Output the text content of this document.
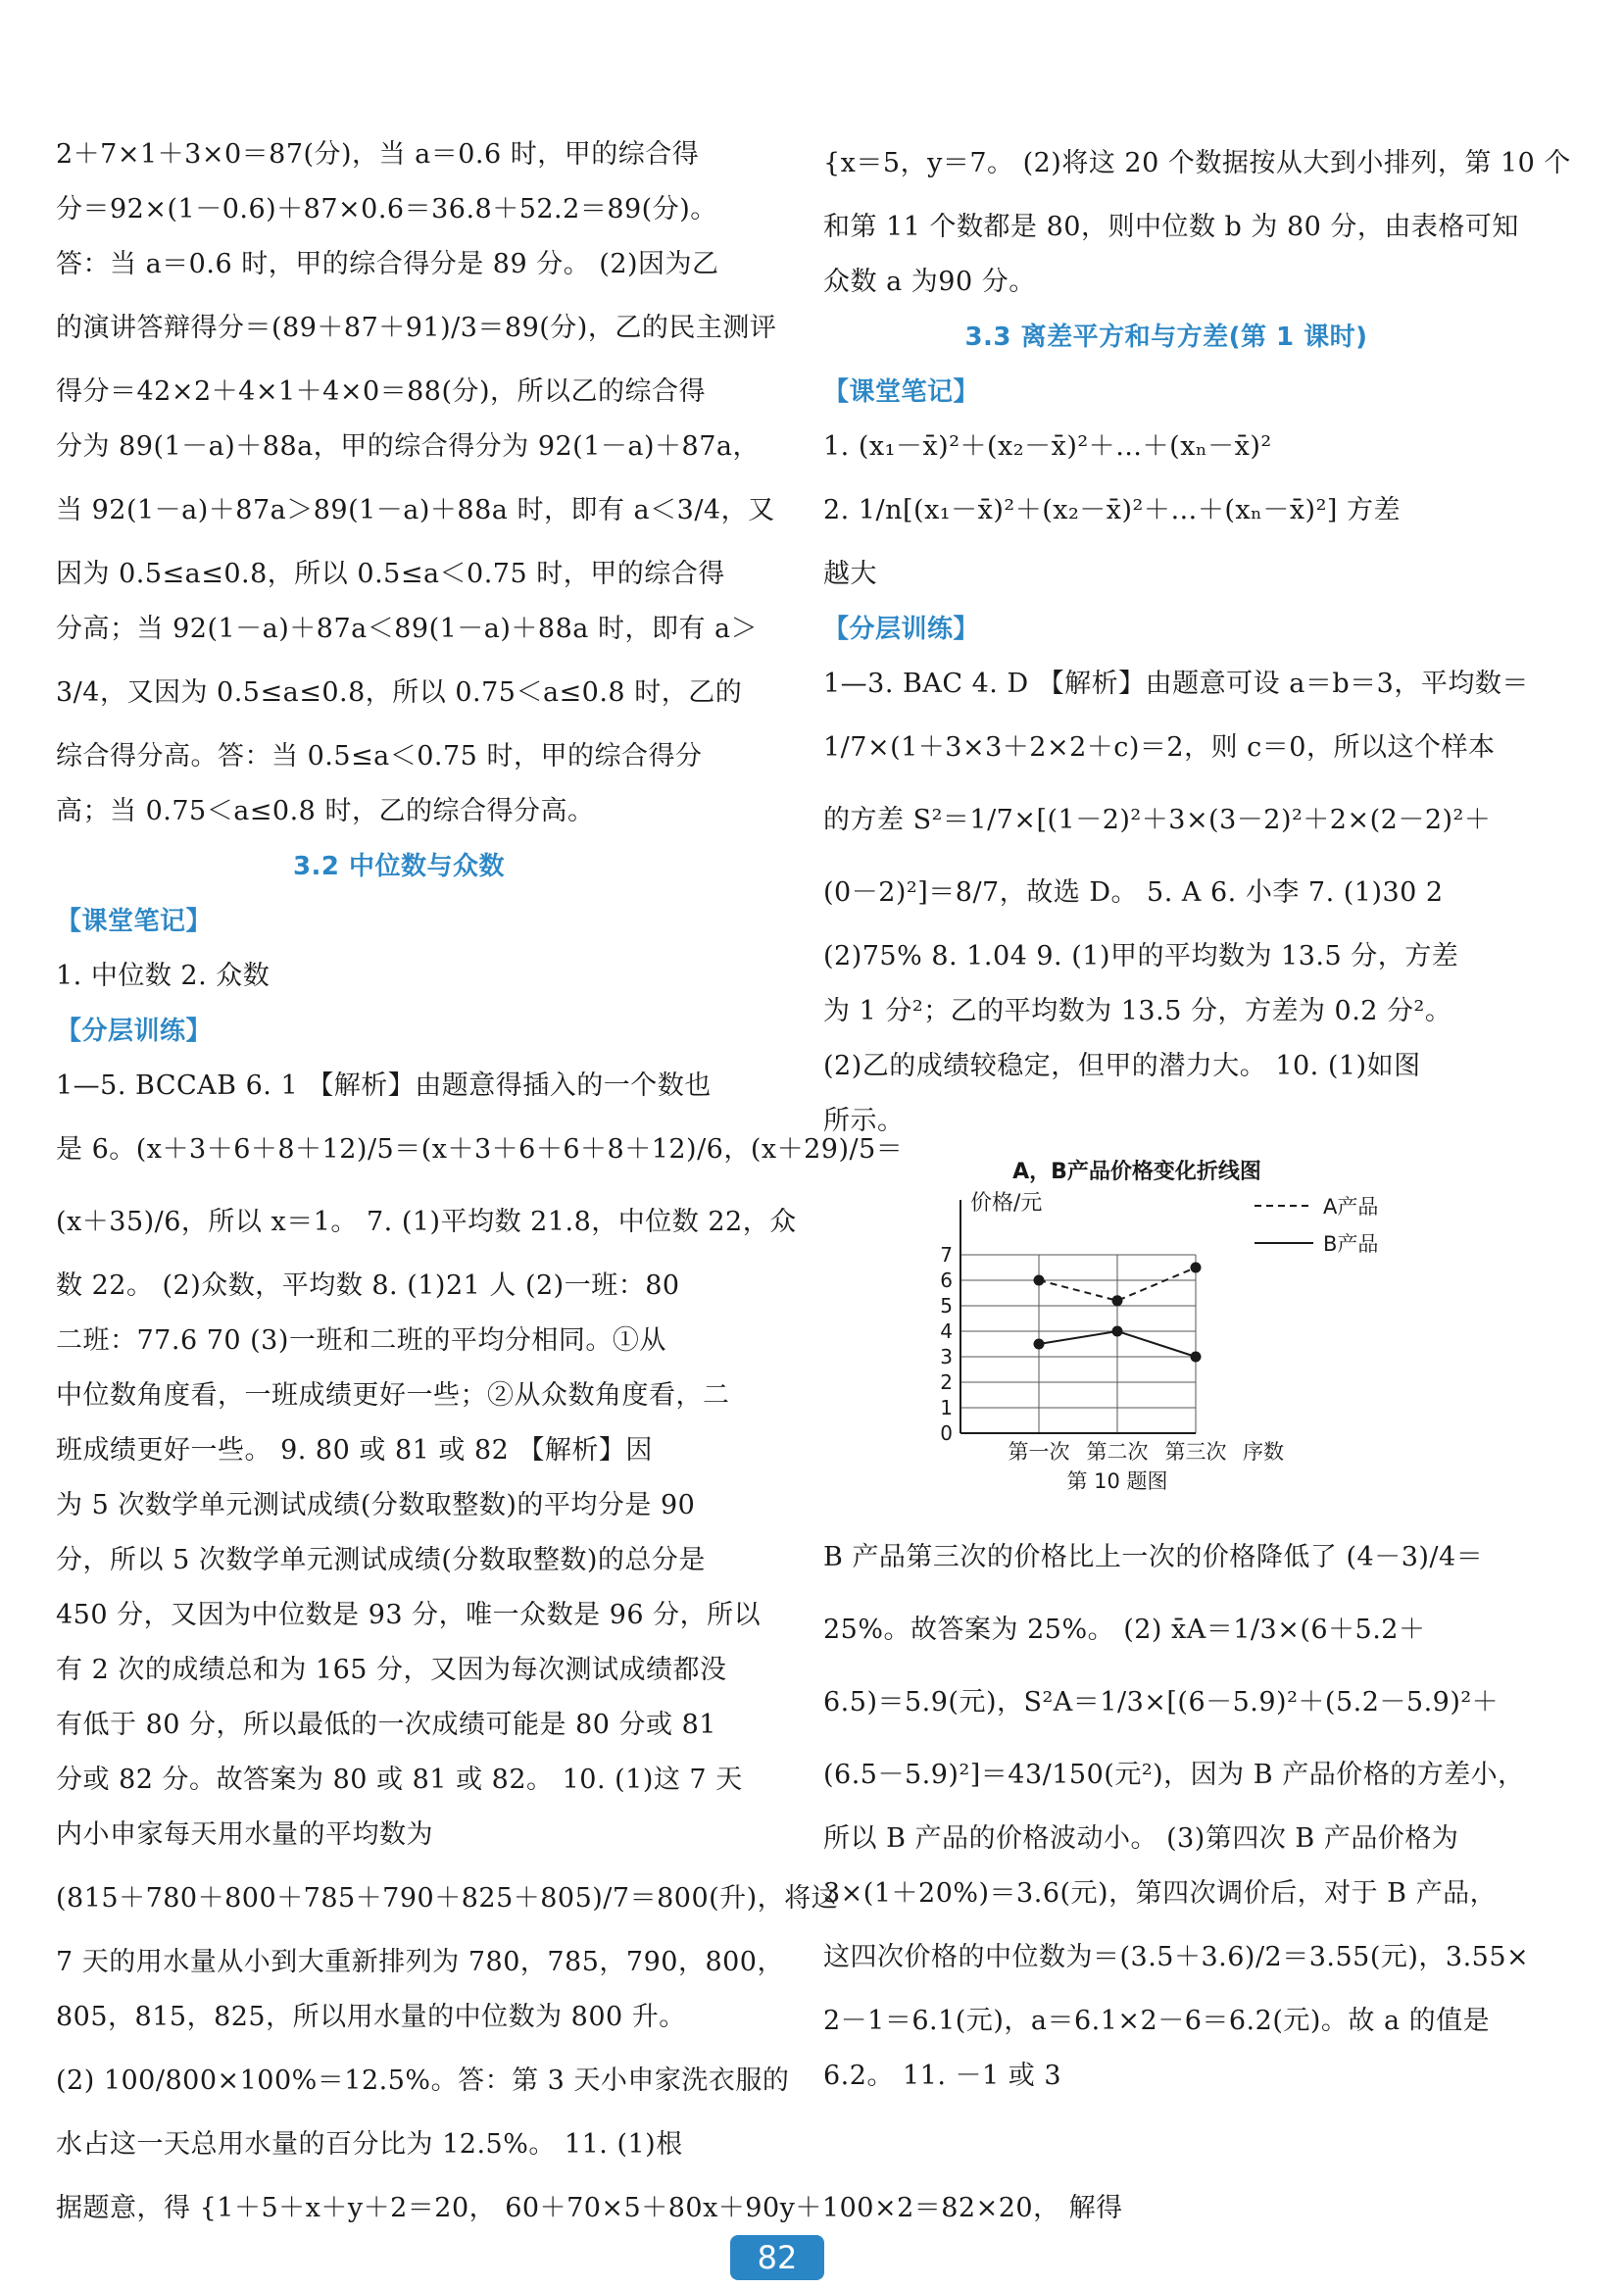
2＋7×1＋3×0＝87(分)，当 a＝0.6 时，甲的综合得
分＝92×(1－0.6)＋87×0.6＝36.8＋52.2＝89(分)。
答：当 a＝0.6 时，甲的综合得分是 89 分。 (2)因为乙
的演讲答辩得分＝(89＋87＋91)/3＝89(分)，乙的民主测评
得分＝42×2＋4×1＋4×0＝88(分)，所以乙的综合得
分为 89(1－a)＋88a，甲的综合得分为 92(1－a)＋87a，
当 92(1－a)＋87a＞89(1－a)＋88a 时，即有 a＜3/4，又
因为 0.5≤a≤0.8，所以 0.5≤a＜0.75 时，甲的综合得
分高；当 92(1－a)＋87a＜89(1－a)＋88a 时，即有 a＞
3/4，又因为 0.5≤a≤0.8，所以 0.75＜a≤0.8 时，乙的
综合得分高。答：当 0.5≤a＜0.75 时，甲的综合得分
高；当 0.75＜a≤0.8 时，乙的综合得分高。
3.2 中位数与众数
【课堂笔记】
1. 中位数 2. 众数
【分层训练】
1—5. BCCAB 6. 1 【解析】由题意得插入的一个数也
是 6。(x＋3＋6＋8＋12)/5＝(x＋3＋6＋6＋8＋12)/6，(x＋29)/5＝
(x＋35)/6，所以 x＝1。 7. (1)平均数 21.8，中位数 22，众
数 22。 (2)众数，平均数 8. (1)21 人 (2)一班：80
二班：77.6 70 (3)一班和二班的平均分相同。①从
中位数角度看，一班成绩更好一些；②从众数角度看，二
班成绩更好一些。 9. 80 或 81 或 82 【解析】因
为 5 次数学单元测试成绩(分数取整数)的平均分是 90
分，所以 5 次数学单元测试成绩(分数取整数)的总分是
450 分，又因为中位数是 93 分，唯一众数是 96 分，所以
有 2 次的成绩总和为 165 分，又因为每次测试成绩都没
有低于 80 分，所以最低的一次成绩可能是 80 分或 81
分或 82 分。故答案为 80 或 81 或 82。 10. (1)这 7 天
内小申家每天用水量的平均数为
(815＋780＋800＋785＋790＋825＋805)/7＝800(升)，将这
7 天的用水量从小到大重新排列为 780，785，790，800，
805，815，825，所以用水量的中位数为 800 升。
(2) 100/800×100%＝12.5%。答：第 3 天小申家洗衣服的
水占这一天总用水量的百分比为 12.5%。 11. (1)根
据题意，得 {1＋5＋x＋y＋2＝20， 60＋70×5＋80x＋90y＋100×2＝82×20， 解得
{x＝5，y＝7。 (2)将这 20 个数据按从大到小排列，第 10 个
和第 11 个数都是 80，则中位数 b 为 80 分，由表格可知
众数 a 为90 分。
3.3 离差平方和与方差(第 1 课时)
【课堂笔记】
1. (x₁－x̄)²＋(x₂－x̄)²＋…＋(xₙ－x̄)²
2. 1/n[(x₁－x̄)²＋(x₂－x̄)²＋…＋(xₙ－x̄)²] 方差
越大
【分层训练】
1—3. BAC 4. D 【解析】由题意可设 a＝b＝3，平均数＝
1/7×(1＋3×3＋2×2＋c)＝2，则 c＝0，所以这个样本
的方差 S²＝1/7×[(1－2)²＋3×(3－2)²＋2×(2－2)²＋
(0－2)²]＝8/7，故选 D。 5. A 6. 小李 7. (1)30 2
(2)75% 8. 1.04 9. (1)甲的平均数为 13.5 分，方差
为 1 分²；乙的平均数为 13.5 分，方差为 0.2 分²。
(2)乙的成绩较稳定，但甲的潜力大。 10. (1)如图
所示。
A，B产品价格变化折线图
价格/元
0
1
2
3
4
5
6
7
第一次 第二次 第三次 序数
第 10 题图
A产品
B产品
B 产品第三次的价格比上一次的价格降低了 (4－3)/4＝
25%。故答案为 25%。 (2) x̄A＝1/3×(6＋5.2＋
6.5)＝5.9(元)，S²A＝1/3×[(6－5.9)²＋(5.2－5.9)²＋
(6.5－5.9)²]＝43/150(元²)，因为 B 产品价格的方差小，
所以 B 产品的价格波动小。 (3)第四次 B 产品价格为
3×(1＋20%)＝3.6(元)，第四次调价后，对于 B 产品，
这四次价格的中位数为＝(3.5＋3.6)/2＝3.55(元)，3.55×
2－1＝6.1(元)，a＝6.1×2－6＝6.2(元)。故 a 的值是
6.2。 11. －1 或 3
82
